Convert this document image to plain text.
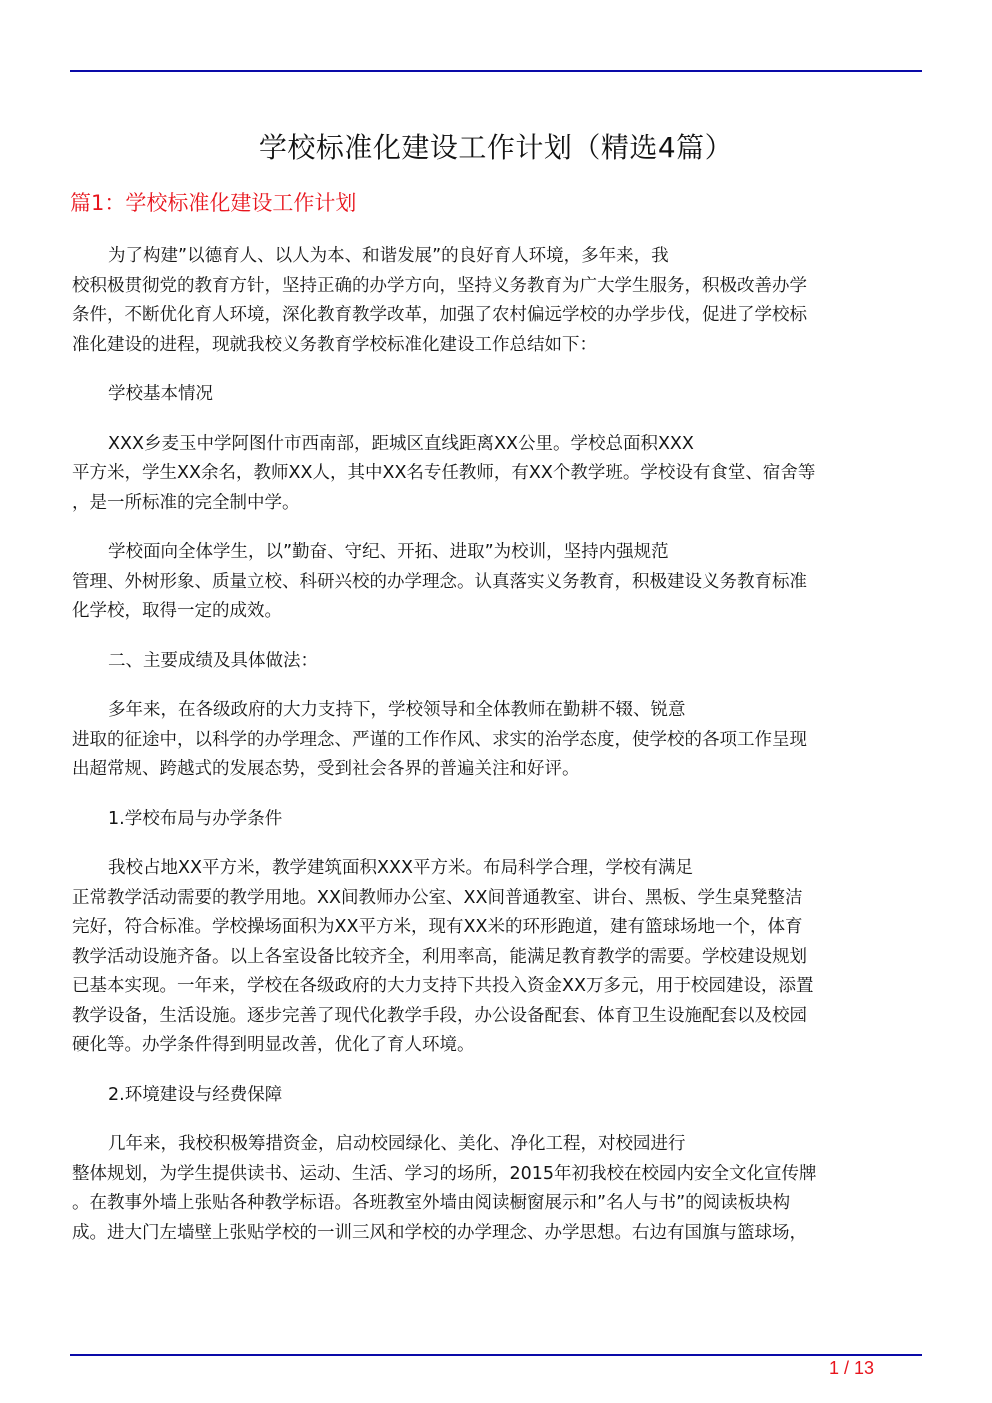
学校标准化建设工作计划（精选4篇）
篇1：学校标准化建设工作计划
为了构建”以德育人、以人为本、和谐发展”的良好育人环境，多年来，我
校积极贯彻党的教育方针，坚持正确的办学方向，坚持义务教育为广大学生服务，积极改善办学
条件，不断优化育人环境，深化教育教学改革，加强了农村偏远学校的办学步伐，促进了学校标
准化建设的进程，现就我校义务教育学校标准化建设工作总结如下：
学校基本情况
XXX乡麦玉中学阿图什市西南部，距城区直线距离XX公里。学校总面积XXX
平方米，学生XX余名，教师XX人，其中XX名专任教师，有XX个教学班。学校设有食堂、宿舍等
，是一所标准的完全制中学。
学校面向全体学生，以”勤奋、守纪、开拓、进取”为校训，坚持内强规范
管理、外树形象、质量立校、科研兴校的办学理念。认真落实义务教育，积极建设义务教育标准
化学校，取得一定的成效。
二、主要成绩及具体做法：
多年来，在各级政府的大力支持下，学校领导和全体教师在勤耕不辍、锐意
进取的征途中，以科学的办学理念、严谨的工作作风、求实的治学态度，使学校的各项工作呈现
出超常规、跨越式的发展态势，受到社会各界的普遍关注和好评。
1.学校布局与办学条件
我校占地XX平方米，教学建筑面积XXX平方米。布局科学合理，学校有满足
正常教学活动需要的教学用地。XX间教师办公室、XX间普通教室、讲台、黑板、学生桌凳整洁
完好，符合标准。学校操场面积为XX平方米，现有XX米的环形跑道，建有篮球场地一个，体育
教学活动设施齐备。以上各室设备比较齐全，利用率高，能满足教育教学的需要。学校建设规划
已基本实现。一年来，学校在各级政府的大力支持下共投入资金XX万多元，用于校园建设，添置
教学设备，生活设施。逐步完善了现代化教学手段，办公设备配套、体育卫生设施配套以及校园
硬化等。办学条件得到明显改善，优化了育人环境。
2.环境建设与经费保障
几年来，我校积极筹措资金，启动校园绿化、美化、净化工程，对校园进行
整体规划，为学生提供读书、运动、生活、学习的场所，2015年初我校在校园内安全文化宣传牌
。在教事外墙上张贴各种教学标语。各班教室外墙由阅读橱窗展示和”名人与书”的阅读板块构
成。进大门左墙壁上张贴学校的一训三风和学校的办学理念、办学思想。右边有国旗与篮球场，
1 / 13
